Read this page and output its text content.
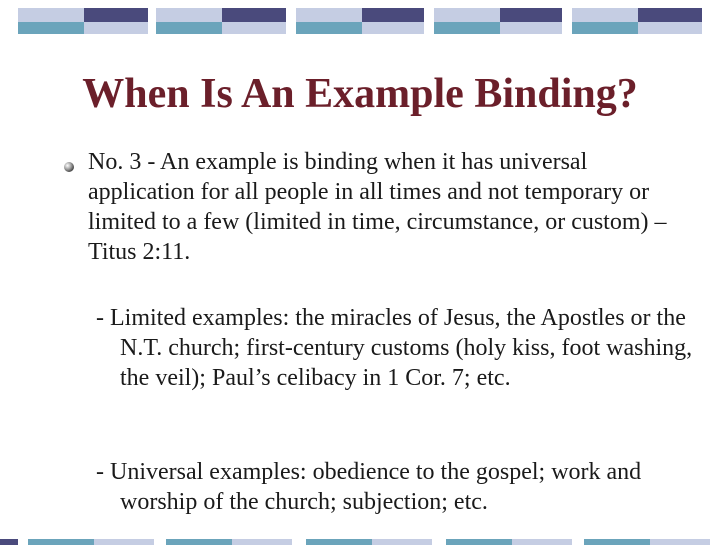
When Is An Example Binding?

No. 3 - An example is binding when it has universal application for all people in all times and not temporary or limited to a few (limited in time, circumstance, or custom) – Titus 2:11.

- Limited examples: the miracles of Jesus, the Apostles or the N.T. church; first-century customs (holy kiss, foot washing, the veil); Paul’s celibacy in 1 Cor. 7; etc.

- Universal examples: obedience to the gospel; work and worship of the church; subjection; etc.
